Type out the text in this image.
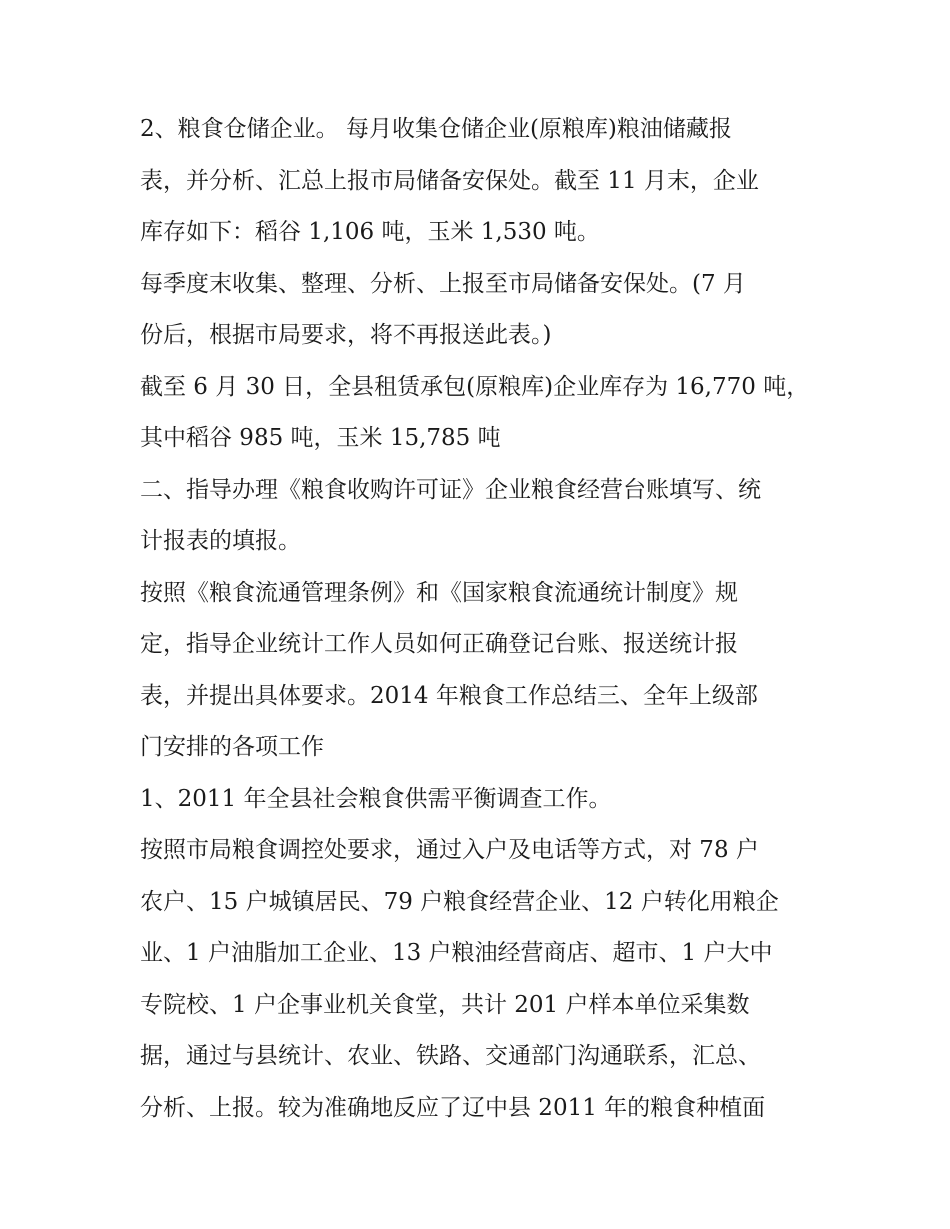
2、粮食仓储企业。 每月收集仓储企业(原粮库)粮油储藏报
表，并分析、汇总上报市局储备安保处。截至 11 月末，企业
库存如下：稻谷 1,106 吨，玉米 1,530 吨。
每季度末收集、整理、分析、上报至市局储备安保处。(7 月
份后，根据市局要求，将不再报送此表。)
截至 6 月 30 日，全县租赁承包(原粮库)企业库存为 16,770 吨，
其中稻谷 985 吨，玉米 15,785 吨
二、指导办理《粮食收购许可证》企业粮食经营台账填写、统
计报表的填报。
按照《粮食流通管理条例》和《国家粮食流通统计制度》规
定，指导企业统计工作人员如何正确登记台账、报送统计报
表，并提出具体要求。2014 年粮食工作总结三、全年上级部
门安排的各项工作
1、2011 年全县社会粮食供需平衡调查工作。
按照市局粮食调控处要求，通过入户及电话等方式，对 78 户
农户、15 户城镇居民、79 户粮食经营企业、12 户转化用粮企
业、1 户油脂加工企业、13 户粮油经营商店、超市、1 户大中
专院校、1 户企事业机关食堂，共计 201 户样本单位采集数
据，通过与县统计、农业、铁路、交通部门沟通联系，汇总、
分析、上报。较为准确地反应了辽中县 2011 年的粮食种植面
